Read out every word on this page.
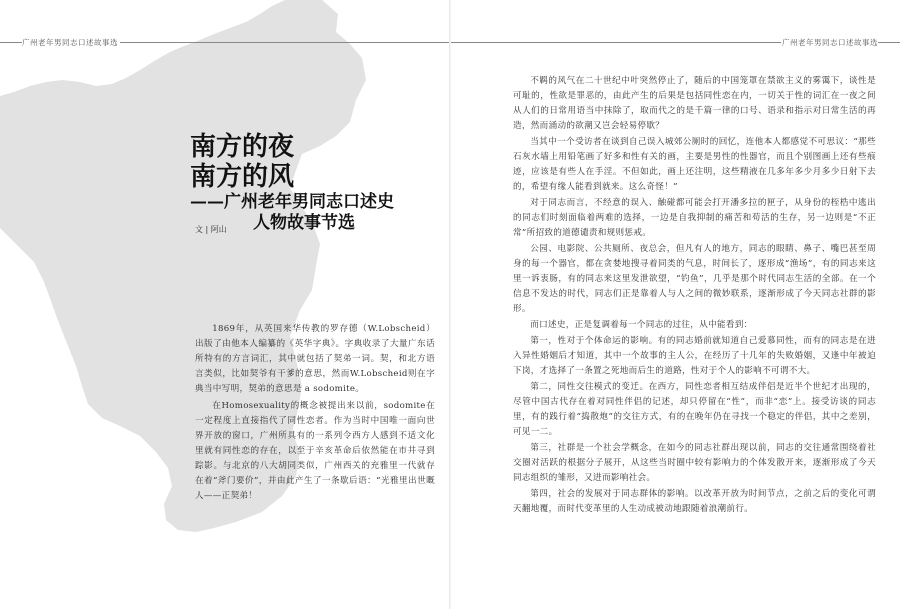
广州老年男同志口述故事选	广州老年男同志口述故事选
南方的夜
南方的风
——广州老年男同志口述史
人物故事节选
文 | 阿山

1869年，从英国来华传教的罗存德（W.Lobscheid）出版了由他本人编纂的《英华字典》。字典收录了大量广东话所特有的方言词汇，其中就包括了契弟一词。契，和北方语言类似，比如契爷有干爹的意思，然而W.Lobscheid则在字典当中写明，契弟的意思是 a sodomite。

在Homosexuality的概念被提出来以前，sodomite在一定程度上直接指代了同性恋者。作为当时中国唯一面向世界开放的窗口，广州所具有的一系列令西方人感到不适文化里就有同性恋的存在，以至于辛亥革命后依然能在市井寻到踪影。与北京的八大胡同类似，广州西关的充雅里一代就存在着“斧门要价”，并由此产生了一条歇后语：“光雅里出世嘅人——正契弟！

不羁的风气在二十世纪中叶突然停止了，随后的中国笼罩在禁欲主义的雾霭下，谈性是可耻的，性欲是罪恶的，由此产生的后果是包括同性恋在内，一切关于性的词汇在一夜之间从人们的日常用语当中抹除了，取而代之的是千篇一律的口号、语录和指示对日常生活的再造，然而涌动的欲潮又岂会轻易停歇？

当其中一个受访者在谈到自己误入城郊公厕时的回忆，连他本人都感觉不可思议：“那些石灰水墙上用铅笔画了好多和性有关的画，主要是男性的性器官，而且个别图画上还有些痕迹，应该是有些人在手淫。不但如此，画上还注明，这些精液在几多年多少月多少日射下去的，希望有缘人能看到就来。这么奇怪！”

对于同志而言，不经意的误入、触碰都可能会打开潘多拉的匣子，从身份的桎梏中逃出的同志们时刻面临着两难的选择，一边是自我抑制的痛苦和苟活的生存，另一边则是“不正常”所招致的道德谴责和规则惩戒。

公园、电影院、公共厕所、夜总会，但凡有人的地方，同志的眼睛、鼻子、嘴巴甚至周身的每一个器官，都在贪婪地搜寻着同类的气息，时间长了，逐形成“渔场”，有的同志来这里一诉衷肠，有的同志来这里发泄欲望，“钓鱼”，几乎是那个时代同志生活的全部。在一个信息不发达的时代，同志们正是靠着人与人之间的微妙联系，逐渐形成了今天同志社群的影形。

而口述史，正是复调着每一个同志的过往，从中能看到：

第一，性对于个体命运的影响。有的同志婚前就知道自己爱慕同性，而有的同志是在进入异性婚姻后才知道，其中一个故事的主人公，在经历了十几年的失败婚姻，又逢中年被迫下岗，才选择了一条置之死地而后生的道路，性对于个人的影响不可谓不大。

第二，同性交往模式的变迁。在西方，同性恋者相互结成伴侣是近半个世纪才出现的，尽管中国古代存在着对同性伴侣的记述，却只停留在“性”，而非“恋”上。接受访谈的同志里，有的践行着“捣散炮”的交往方式，有的在晚年仍在寻找一个稳定的伴侣，其中之差别，可见一二。

第三，社群是一个社会学概念，在如今的同志社群出现以前，同志的交往通常围绕着社交圈对活跃的根据分子展开，从这些当时圈中较有影响力的个体发散开来，逐渐形成了今天同志组织的雏形，又进而影响社会。

第四，社会的发展对于同志群体的影响。以改革开放为时间节点，之前之后的变化可谓天翻地覆，而时代变革里的人生动成被动地跟随着浪潮前行。
